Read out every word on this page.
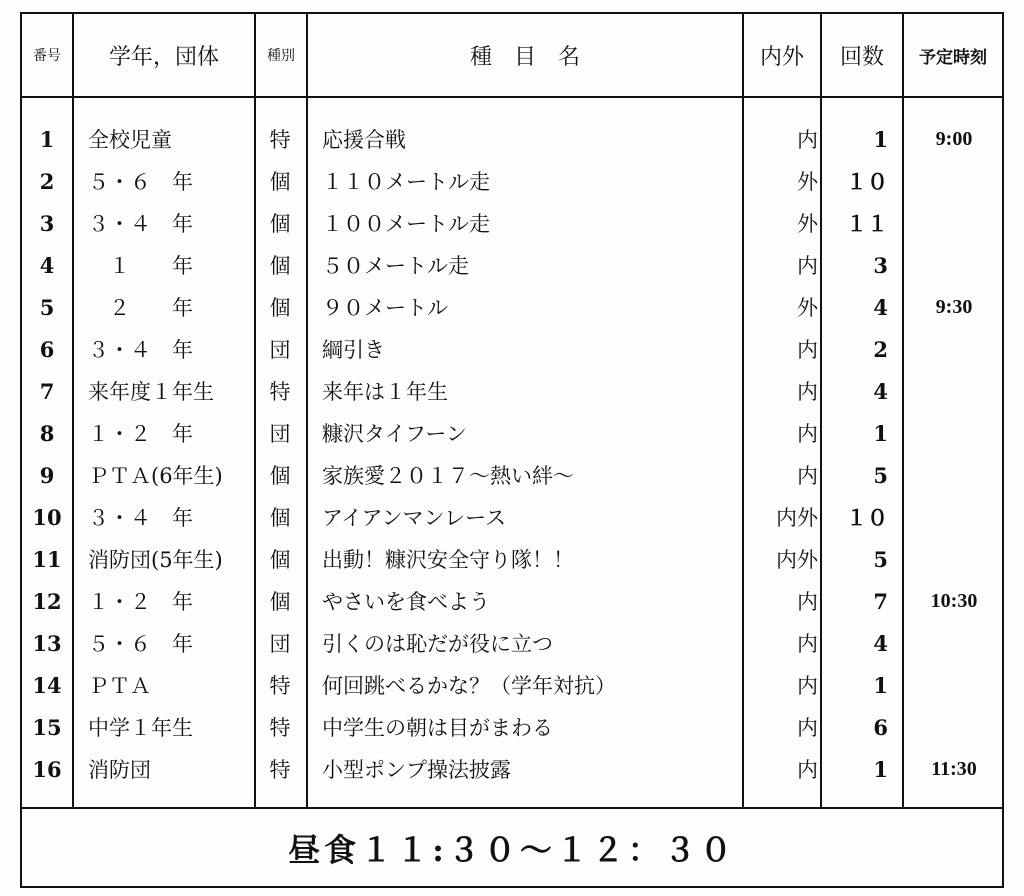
番号	学年，団体	種別	種　目　名	内外	回数	予定時刻
1	全校児童	特	応援合戦	内	1	9:00
2	５・６　年	個	１１０メートル走	外	１０
3	３・４　年	個	１００メートル走	外	１１
4	　１　　年	個	５０メートル走	内	3
5	　２　　年	個	９０メートル	外	4	9:30
6	３・４　年	団	綱引き	内	2
7	来年度１年生	特	来年は１年生	内	4
8	１・２　年	団	糠沢タイフーン	内	1
9	ＰＴＡ(6年生)	個	家族愛２０１７～熱い絆～	内	5
10	３・４　年	個	アイアンマンレース	内外	１０
11	消防団(5年生)	個	出動！糠沢安全守り隊！！	内外	5
12	１・２　年	個	やさいを食べよう	内	7	10:30
13	５・６　年	団	引くのは恥だが役に立つ	内	4
14	ＰＴＡ	特	何回跳べるかな？（学年対抗）	内	1
15	中学１年生	特	中学生の朝は目がまわる	内	6
16	消防団	特	小型ポンプ操法披露	内	1	11:30
昼食１１:３０～１２：３０
